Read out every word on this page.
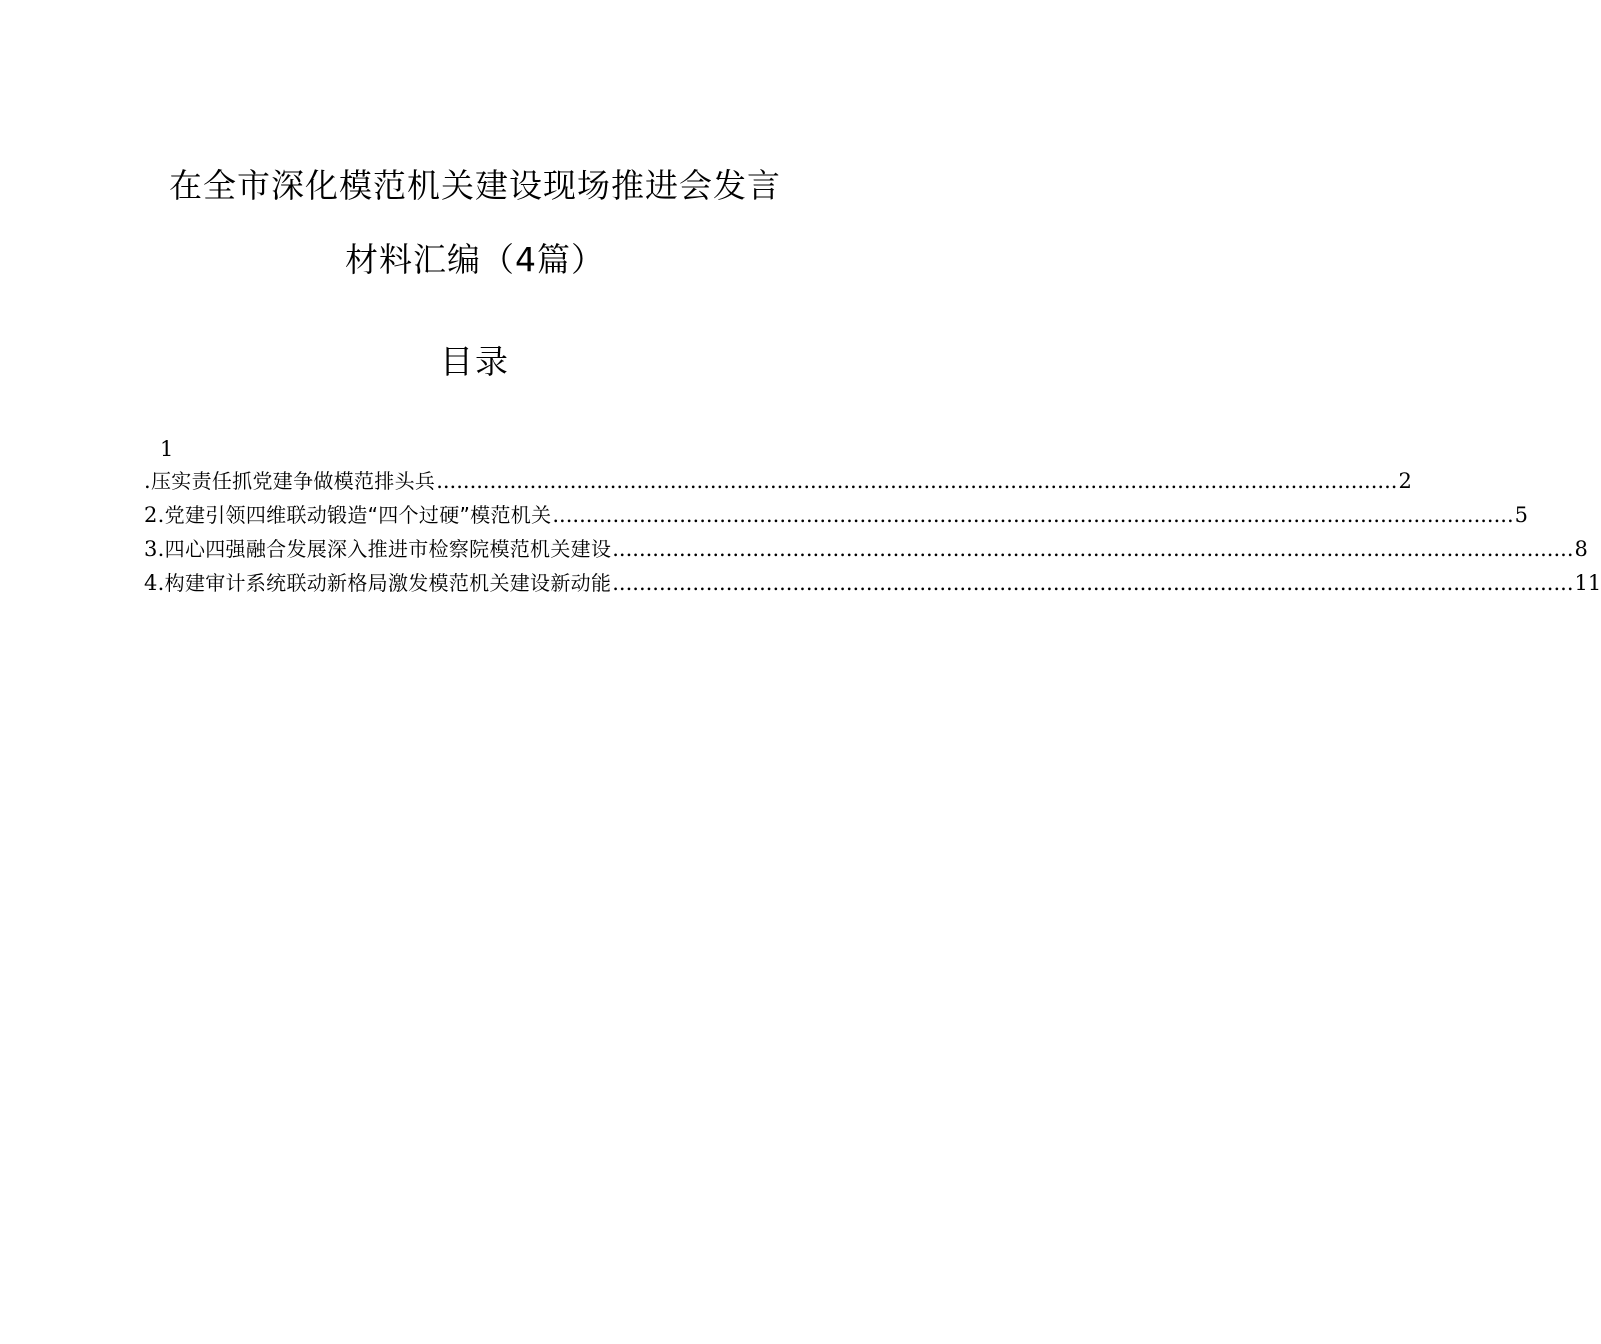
在全市深化模范机关建设现场推进会发言
材料汇编（4篇）
目录
1
.压实责任抓党建争做模范排头兵 ................................................................................................................................................ 2
2.党建引领四维联动锻造“四个过硬”模范机关 ................................................................................................................................................ 5
3.四心四强融合发展深入推进市检察院模范机关建设 ................................................................................................................................................ 8
4.构建审计系统联动新格局激发模范机关建设新动能 ................................................................................................................................................ 11
